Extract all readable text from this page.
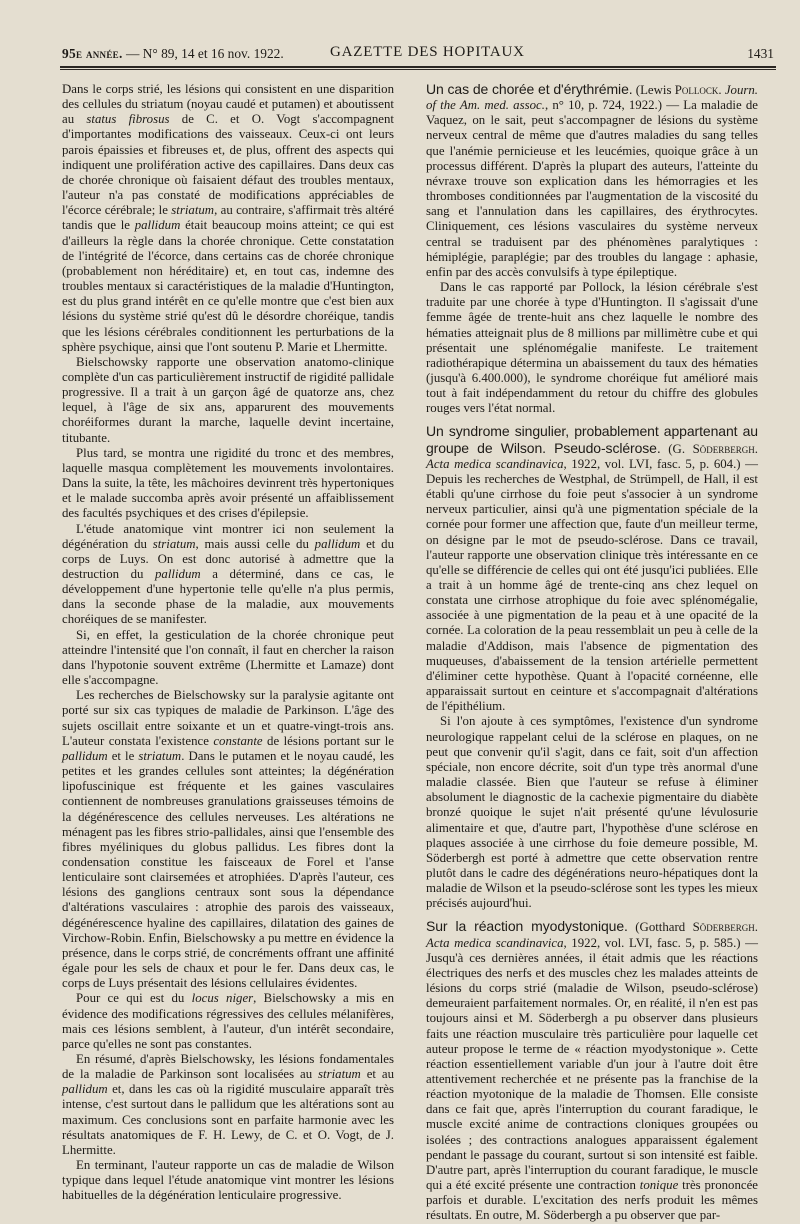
95e année. — N° 89, 14 et 16 nov. 1922.	GAZETTE DES HOPITAUX	1431

Dans le corps strié, les lésions qui consistent en une disparition des cellules du striatum (noyau caudé et putamen) et aboutissent au status fibrosus de C. et O. Vogt s'accompagnent d'importantes modifications des vaisseaux. Ceux-ci ont leurs parois épaissies et fibreuses et, de plus, offrent des aspects qui indiquent une prolifération active des capillaires. Dans deux cas de chorée chronique où faisaient défaut des troubles mentaux, l'auteur n'a pas constaté de modifications appréciables de l'écorce cérébrale; le striatum, au contraire, s'affirmait très altéré tandis que le pallidum était beaucoup moins atteint; ce qui est d'ailleurs la règle dans la chorée chronique. Cette constatation de l'intégrité de l'écorce, dans certains cas de chorée chronique (probablement non héréditaire) et, en tout cas, indemne des troubles mentaux si caractéristiques de la maladie d'Huntington, est du plus grand intérêt en ce qu'elle montre que c'est bien aux lésions du système strié qu'est dû le désordre choréique, tandis que les lésions cérébrales conditionnent les perturbations de la sphère psychique, ainsi que l'ont soutenu P. Marie et Lhermitte.

Bielschowsky rapporte une observation anatomo-clinique complète d'un cas particulièrement instructif de rigidité pallidale progressive. Il a trait à un garçon âgé de quatorze ans, chez lequel, à l'âge de six ans, apparurent des mouvements choréiformes durant la marche, laquelle devint incertaine, titubante.

Plus tard, se montra une rigidité du tronc et des membres, laquelle masqua complètement les mouvements involontaires. Dans la suite, la tête, les mâchoires devinrent très hypertoniques et le malade succomba après avoir présenté un affaiblissement des facultés psychiques et des crises d'épilepsie.

L'étude anatomique vint montrer ici non seulement la dégénération du striatum, mais aussi celle du pallidum et du corps de Luys. On est donc autorisé à admettre que la destruction du pallidum a déterminé, dans ce cas, le développement d'une hypertonie telle qu'elle n'a plus permis, dans la seconde phase de la maladie, aux mouvements choréiques de se manifester.

Si, en effet, la gesticulation de la chorée chronique peut atteindre l'intensité que l'on connaît, il faut en chercher la raison dans l'hypotonie souvent extrême (Lhermitte et Lamaze) dont elle s'accompagne.

Les recherches de Bielschowsky sur la paralysie agitante ont porté sur six cas typiques de maladie de Parkinson. L'âge des sujets oscillait entre soixante et un et quatre-vingt-trois ans. L'auteur constata l'existence constante de lésions portant sur le pallidum et le striatum. Dans le putamen et le noyau caudé, les petites et les grandes cellules sont atteintes; la dégénération lipofuscinique est fréquente et les gaines vasculaires contiennent de nombreuses granulations graisseuses témoins de la dégénérescence des cellules nerveuses. Les altérations ne ménagent pas les fibres strio-pallidales, ainsi que l'ensemble des fibres myéliniques du globus pallidus. Les fibres dont la condensation constitue les faisceaux de Forel et l'anse lenticulaire sont clairsemées et atrophiées. D'après l'auteur, ces lésions des ganglions centraux sont sous la dépendance d'altérations vasculaires : atrophie des parois des vaisseaux, dégénérescence hyaline des capillaires, dilatation des gaines de Virchow-Robin. Enfin, Bielschowsky a pu mettre en évidence la présence, dans le corps strié, de concréments offrant une affinité égale pour les sels de chaux et pour le fer. Dans deux cas, le corps de Luys présentait des lésions cellulaires évidentes.

Pour ce qui est du locus niger, Bielschowsky a mis en évidence des modifications régressives des cellules mélanifères, mais ces lésions semblent, à l'auteur, d'un intérêt secondaire, parce qu'elles ne sont pas constantes.

En résumé, d'après Bielschowsky, les lésions fondamentales de la maladie de Parkinson sont localisées au striatum et au pallidum et, dans les cas où la rigidité musculaire apparaît très intense, c'est surtout dans le pallidum que les altérations sont au maximum. Ces conclusions sont en parfaite harmonie avec les résultats anatomiques de F. H. Lewy, de C. et O. Vogt, de J. Lhermitte.

En terminant, l'auteur rapporte un cas de maladie de Wilson typique dans lequel l'étude anatomique vint montrer les lésions habituelles de la dégénération lenticulaire progressive.

Un cas de chorée et d'érythrémie. (Lewis Pollock. Journ. of the Am. med. assoc., n° 10, p. 724, 1922.) — La maladie de Vaquez, on le sait, peut s'accompagner de lésions du système nerveux central de même que d'autres maladies du sang telles que l'anémie pernicieuse et les leucémies, quoique grâce à un processus différent. D'après la plupart des auteurs, l'atteinte du névraxe trouve son explication dans les hémorragies et les thromboses conditionnées par l'augmentation de la viscosité du sang et l'annulation dans les capillaires, des érythrocytes. Cliniquement, ces lésions vasculaires du système nerveux central se traduisent par des phénomènes paralytiques : hémiplégie, paraplégie; par des troubles du langage : aphasie, enfin par des accès convulsifs à type épileptique.

Dans le cas rapporté par Pollock, la lésion cérébrale s'est traduite par une chorée à type d'Huntington. Il s'agissait d'une femme âgée de trente-huit ans chez laquelle le nombre des hématies atteignait plus de 8 millions par millimètre cube et qui présentait une splénomégalie manifeste. Le traitement radiothérapique détermina un abaissement du taux des hématies (jusqu'à 6.400.000), le syndrome choréique fut amélioré mais tout à fait indépendamment du retour du chiffre des globules rouges vers l'état normal.

Un syndrome singulier, probablement appartenant au groupe de Wilson. Pseudo-sclérose. (G. Söderbergh. Acta medica scandinavica, 1922, vol. LVI, fasc. 5, p. 604.) — Depuis les recherches de Westphal, de Strümpell, de Hall, il est établi qu'une cirrhose du foie peut s'associer à un syndrome nerveux particulier, ainsi qu'à une pigmentation spéciale de la cornée pour former une affection que, faute d'un meilleur terme, on désigne par le mot de pseudo-sclérose. Dans ce travail, l'auteur rapporte une observation clinique très intéressante en ce qu'elle se différencie de celles qui ont été jusqu'ici publiées. Elle a trait à un homme âgé de trente-cinq ans chez lequel on constata une cirrhose atrophique du foie avec splénomégalie, associée à une pigmentation de la peau et à une opacité de la cornée. La coloration de la peau ressemblait un peu à celle de la maladie d'Addison, mais l'absence de pigmentation des muqueuses, d'abaissement de la tension artérielle permettent d'éliminer cette hypothèse. Quant à l'opacité cornéenne, elle apparaissait surtout en ceinture et s'accompagnait d'altérations de l'épithélium.

Si l'on ajoute à ces symptômes, l'existence d'un syndrome neurologique rappelant celui de la sclérose en plaques, on ne peut que convenir qu'il s'agit, dans ce fait, soit d'un affection spéciale, non encore décrite, soit d'un type très anormal d'une maladie classée. Bien que l'auteur se refuse à éliminer absolument le diagnostic de la cachexie pigmentaire du diabète bronzé quoique le sujet n'ait présenté qu'une lévulosurie alimentaire et que, d'autre part, l'hypothèse d'une sclérose en plaques associée à une cirrhose du foie demeure possible, M. Söderbergh est porté à admettre que cette observation rentre plutôt dans le cadre des dégénérations neuro-hépatiques dont la maladie de Wilson et la pseudo-sclérose sont les types les mieux précisés aujourd'hui.

Sur la réaction myodystonique. (Gotthard Söderbergh. Acta medica scandinavica, 1922, vol. LVI, fasc. 5, p. 585.) — Jusqu'à ces dernières années, il était admis que les réactions électriques des nerfs et des muscles chez les malades atteints de lésions du corps strié (maladie de Wilson, pseudo-sclérose) demeuraient parfaitement normales. Or, en réalité, il n'en est pas toujours ainsi et M. Söderbergh a pu observer dans plusieurs faits une réaction musculaire très particulière pour laquelle cet auteur propose le terme de « réaction myodystonique ». Cette réaction essentiellement variable d'un jour à l'autre doit être attentivement recherchée et ne présente pas la franchise de la réaction myotonique de la maladie de Thomsen. Elle consiste dans ce fait que, après l'interruption du courant faradique, le muscle excité anime de contractions cloniques groupées ou isolées ; des contractions analogues apparaissent également pendant le passage du courant, surtout si son intensité est faible. D'autre part, après l'interruption du courant faradique, le muscle qui a été excité présente une contraction tonique très prononcée parfois et durable. L'excitation des nerfs produit les mêmes résultats. En outre, M. Söderbergh a pu observer que par-
